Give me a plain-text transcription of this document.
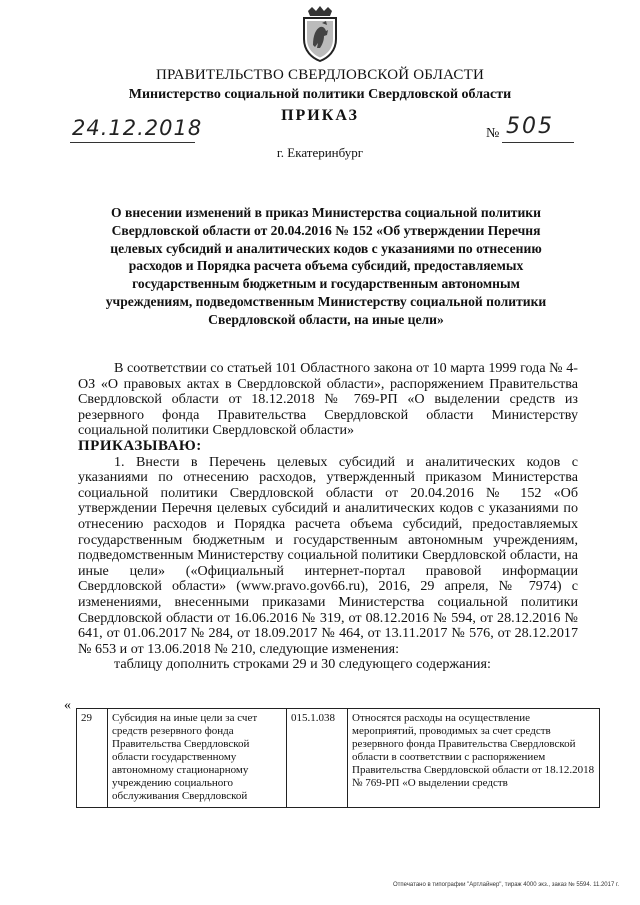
ПРАВИТЕЛЬСТВО СВЕРДЛОВСКОЙ ОБЛАСТИ
Министерство социальной политики Свердловской области
ПРИКАЗ
24.12.2018	№ 505
г. Екатеринбург
О внесении изменений в приказ Министерства социальной политики Свердловской области от 20.04.2016 № 152 «Об утверждении Перечня целевых субсидий и аналитических кодов с указаниями по отнесению расходов и Порядка расчета объема субсидий, предоставляемых государственным бюджетным и государственным автономным учреждениям, подведомственным Министерству социальной политики Свердловской области, на иные цели»

В соответствии со статьей 101 Областного закона от 10 марта 1999 года № 4-ОЗ «О правовых актах в Свердловской области», распоряжением Правительства Свердловской области от 18.12.2018 № 769-РП «О выделении средств из резервного фонда Правительства Свердловской области Министерству социальной политики Свердловской области»

ПРИКАЗЫВАЮ:

1. Внести в Перечень целевых субсидий и аналитических кодов с указаниями по отнесению расходов, утвержденный приказом Министерства социальной политики Свердловской области от 20.04.2016 № 152 «Об утверждении Перечня целевых субсидий и аналитических кодов с указаниями по отнесению расходов и Порядка расчета объема субсидий, предоставляемых государственным бюджетным и государственным автономным учреждениям, подведомственным Министерству социальной политики Свердловской области, на иные цели» («Официальный интернет-портал правовой информации Свердловской области» (www.pravo.gov66.ru), 2016, 29 апреля, № 7974) с изменениями, внесенными приказами Министерства социальной политики Свердловской области от 16.06.2016 № 319, от 08.12.2016 № 594, от 28.12.2016 № 641, от 01.06.2017 № 284, от 18.09.2017 № 464, от 13.11.2017 № 576, от 28.12.2017 № 653 и от 13.06.2018 № 210, следующие изменения:

таблицу дополнить строками 29 и 30 следующего содержания:

«
29	Субсидия на иные цели за счет средств резервного фонда Правительства Свердловской области государственному автономному стационарному учреждению социального обслуживания Свердловской	015.1.038	Относятся расходы на осуществление мероприятий, проводимых за счет средств резервного фонда Правительства Свердловской области в соответствии с распоряжением Правительства Свердловской области от 18.12.2018 № 769-РП «О выделении средств
Отпечатано в типографии "Артлайнер", тираж 4000 экз., заказ № 5594. 11.2017 г.
